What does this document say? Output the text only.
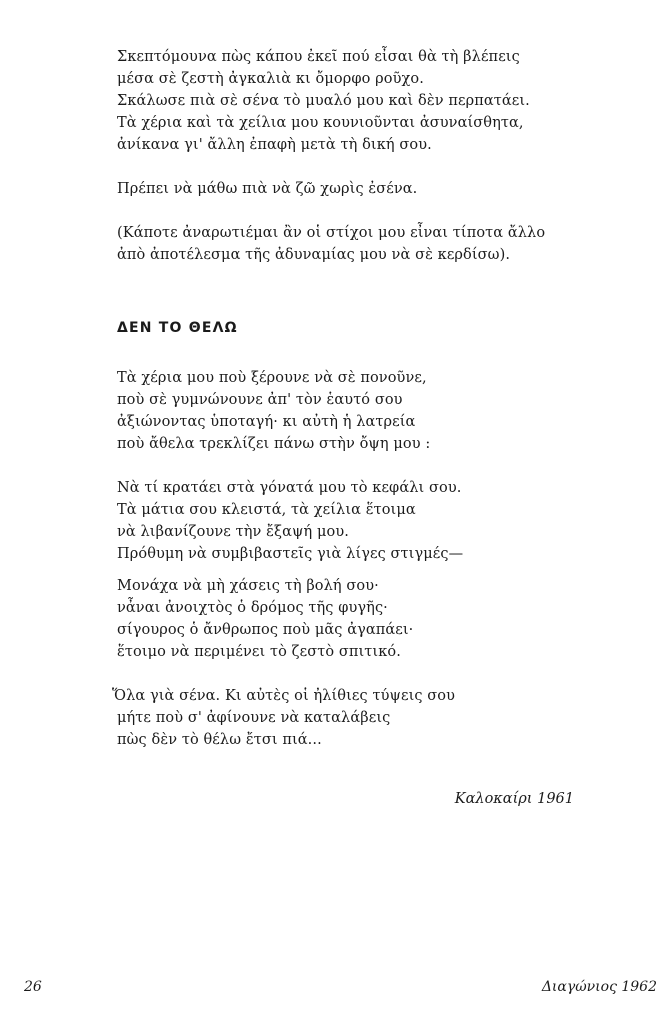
Σκεπτόμουνα πὼς κάπου ἐκεῖ πού εἶσαι θὰ τὴ βλέπεις
μέσα σὲ ζεστὴ ἀγκαλιὰ κι ὄμορφο ροῦχο.
Σκάλωσε πιὰ σὲ σένα τὸ μυαλό μου καὶ δὲν περπατάει.
Τὰ χέρια καὶ τὰ χείλια μου κουνιοῦνται ἀσυναίσθητα,
ἀνίκανα γι' ἄλλη ἐπαφὴ μετὰ τὴ δική σου.
Πρέπει νὰ μάθω πιὰ νὰ ζῶ χωρὶς ἐσένα.
(Κάποτε ἀναρωτιέμαι ἂν οἱ στίχοι μου εἶναι τίποτα ἄλλο
ἀπὸ ἀποτέλεσμα τῆς ἀδυναμίας μου νὰ σὲ κερδίσω).
ΔΕΝ ΤΟ ΘΕΛΩ
Τὰ χέρια μου ποὺ ξέρουνε νὰ σὲ πονοῦνε,
ποὺ σὲ γυμνώνουνε ἀπ' τὸν ἑαυτό σου
ἀξιώνοντας ὑποταγή· κι αὐτὴ ἡ λατρεία
ποὺ ἄθελα τρεκλίζει πάνω στὴν ὄψη μου :
Νὰ τί κρατάει στὰ γόνατά μου τὸ κεφάλι σου.
Τὰ μάτια σου κλειστά, τὰ χείλια ἕτοιμα
νὰ λιβανίζουνε τὴν ἔξαψή μου.
Πρόθυμη νὰ συμβιβαστεῖς γιὰ λίγες στιγμές—
Μονάχα νὰ μὴ χάσεις τὴ βολή σου·
νἆναι ἀνοιχτὸς ὁ δρόμος τῆς φυγῆς·
σίγουρος ὁ ἄνθρωπος ποὺ μᾶς ἀγαπάει·
ἕτοιμο νὰ περιμένει τὸ ζεστὸ σπιτικό.
Ὅλα γιὰ σένα. Κι αὐτὲς οἱ ἠλίθιες τύψεις σου
μήτε ποὺ σ' ἀφίνουνε νὰ καταλάβεις
πὼς δὲν τὸ θέλω ἔτσι πιά...
Καλοκαίρι 1961
26	Διαγώνιος 1962
